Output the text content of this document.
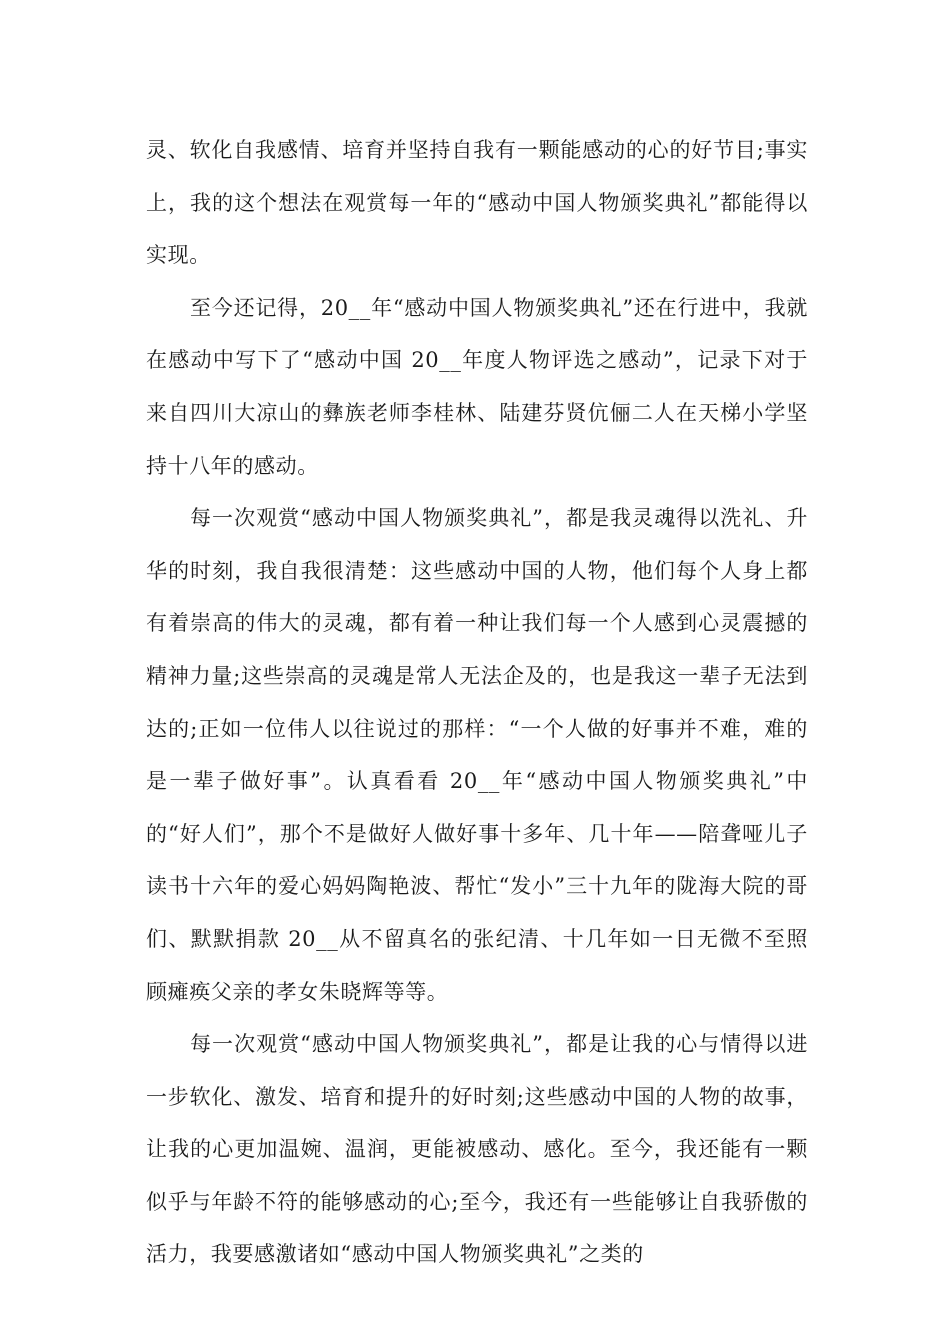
灵、软化自我感情、培育并坚持自我有一颗能感动的心的好节目;事实上，我的这个想法在观赏每一年的“感动中国人物颁奖典礼”都能得以实现。

至今还记得，20__年“感动中国人物颁奖典礼”还在行进中，我就在感动中写下了“感动中国 20__年度人物评选之感动”，记录下对于来自四川大凉山的彝族老师李桂林、陆建芬贤伉俪二人在天梯小学坚持十八年的感动。

每一次观赏“感动中国人物颁奖典礼”，都是我灵魂得以洗礼、升华的时刻，我自我很清楚：这些感动中国的人物，他们每个人身上都有着崇高的伟大的灵魂，都有着一种让我们每一个人感到心灵震撼的精神力量;这些崇高的灵魂是常人无法企及的，也是我这一辈子无法到达的;正如一位伟人以往说过的那样：“一个人做的好事并不难，难的是一辈子做好事”。认真看看 20__年“感动中国人物颁奖典礼”中的“好人们”，那个不是做好人做好事十多年、几十年——陪聋哑儿子读书十六年的爱心妈妈陶艳波、帮忙“发小”三十九年的陇海大院的哥们、默默捐款 20__从不留真名的张纪清、十几年如一日无微不至照顾瘫痪父亲的孝女朱晓辉等等。

每一次观赏“感动中国人物颁奖典礼”，都是让我的心与情得以进一步软化、激发、培育和提升的好时刻;这些感动中国的人物的故事，让我的心更加温婉、温润，更能被感动、感化。至今，我还能有一颗似乎与年龄不符的能够感动的心;至今，我还有一些能够让自我骄傲的活力，我要感激诸如“感动中国人物颁奖典礼”之类的
